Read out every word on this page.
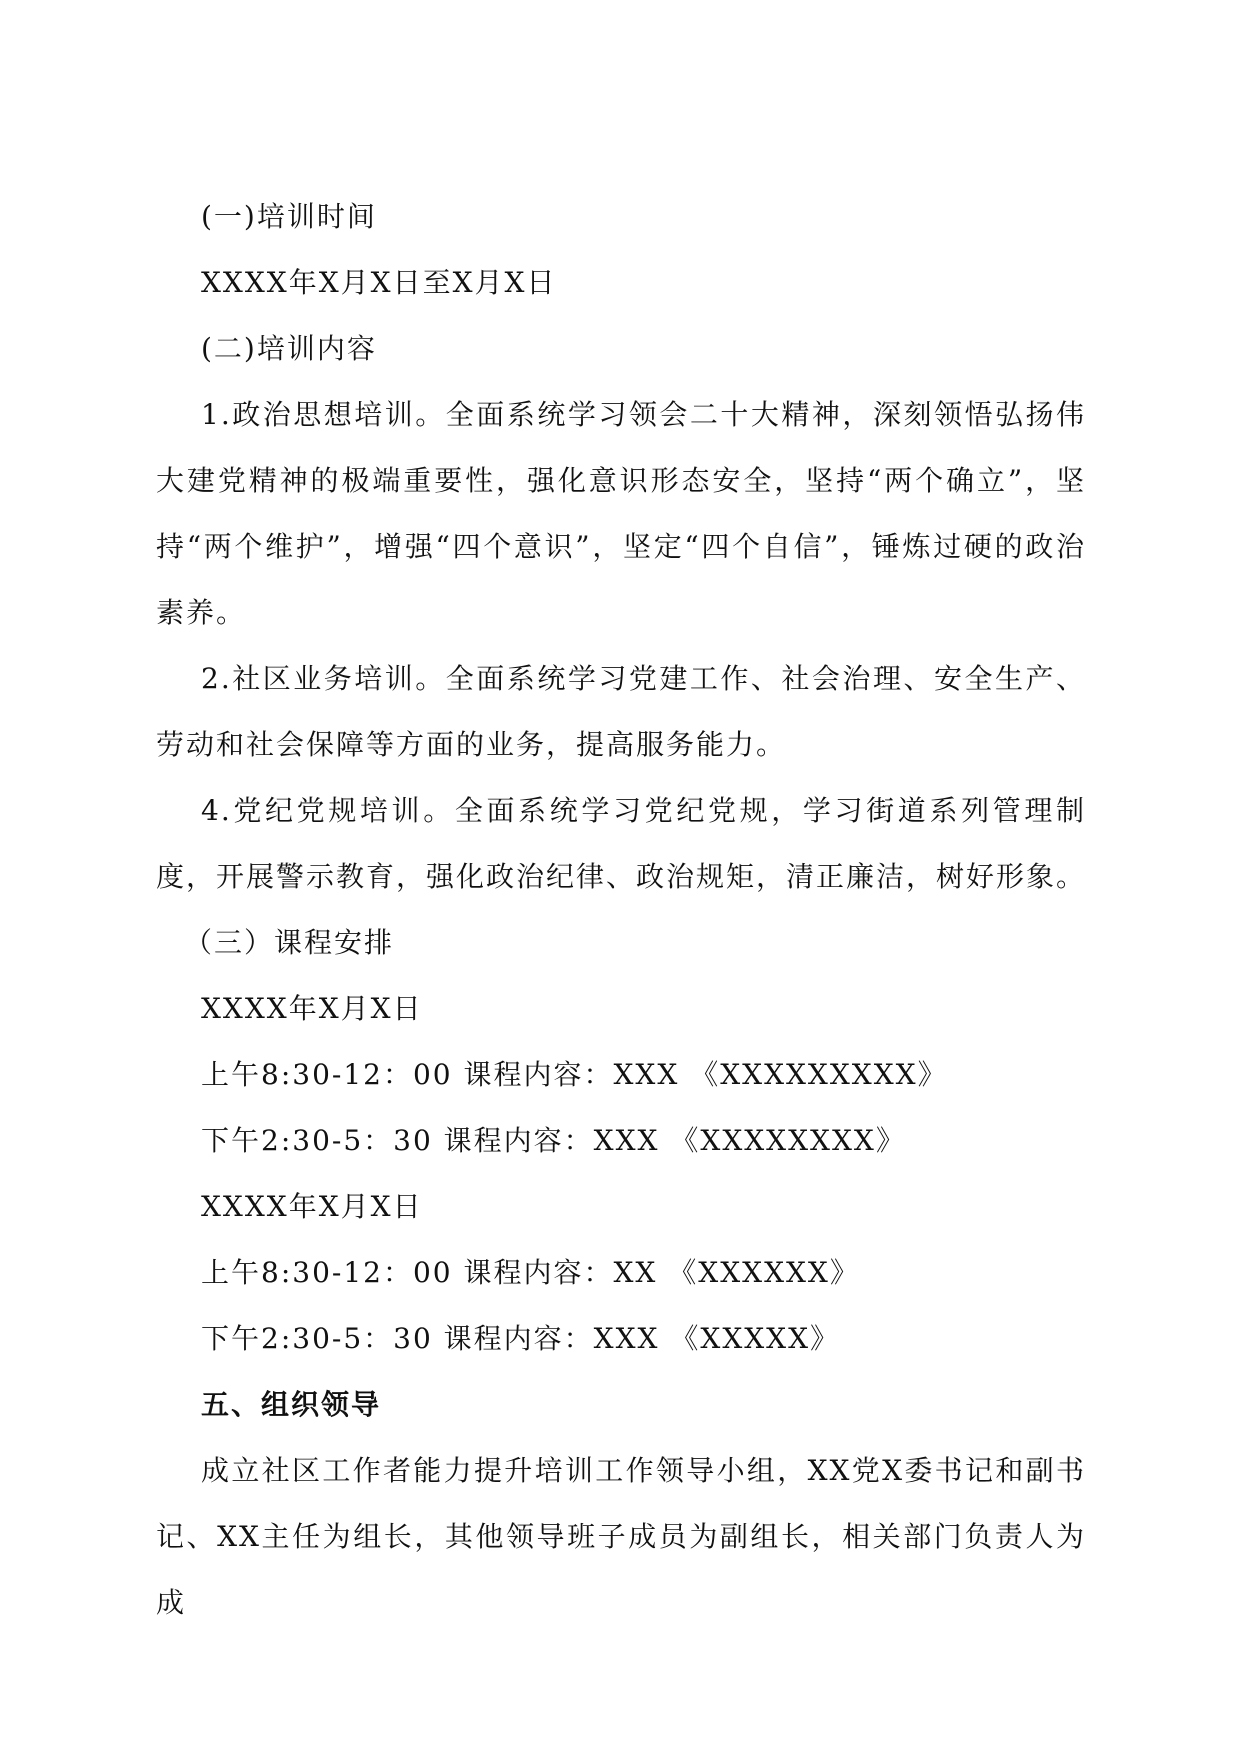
(一)培训时间

XXXX年X月X日至X月X日

(二)培训内容

1.政治思想培训。全面系统学习领会二十大精神，深刻领悟弘扬伟大建党精神的极端重要性，强化意识形态安全，坚持“两个确立”，坚持“两个维护”，增强“四个意识”，坚定“四个自信”，锤炼过硬的政治素养。

2.社区业务培训。全面系统学习党建工作、社会治理、安全生产、劳动和社会保障等方面的业务，提高服务能力。

4.党纪党规培训。全面系统学习党纪党规，学习街道系列管理制度，开展警示教育，强化政治纪律、政治规矩，清正廉洁，树好形象。

（三）课程安排

XXXX年X月X日

上午8:30-12：00 课程内容：XXX 《XXXXXXXXX》

下午2:30-5：30 课程内容：XXX 《XXXXXXXX》

XXXX年X月X日

上午8:30-12：00 课程内容：XX 《XXXXXX》

下午2:30-5：30 课程内容：XXX 《XXXXX》

五、组织领导

成立社区工作者能力提升培训工作领导小组，XX党X委书记和副书记、XX主任为组长，其他领导班子成员为副组长，相关部门负责人为成
